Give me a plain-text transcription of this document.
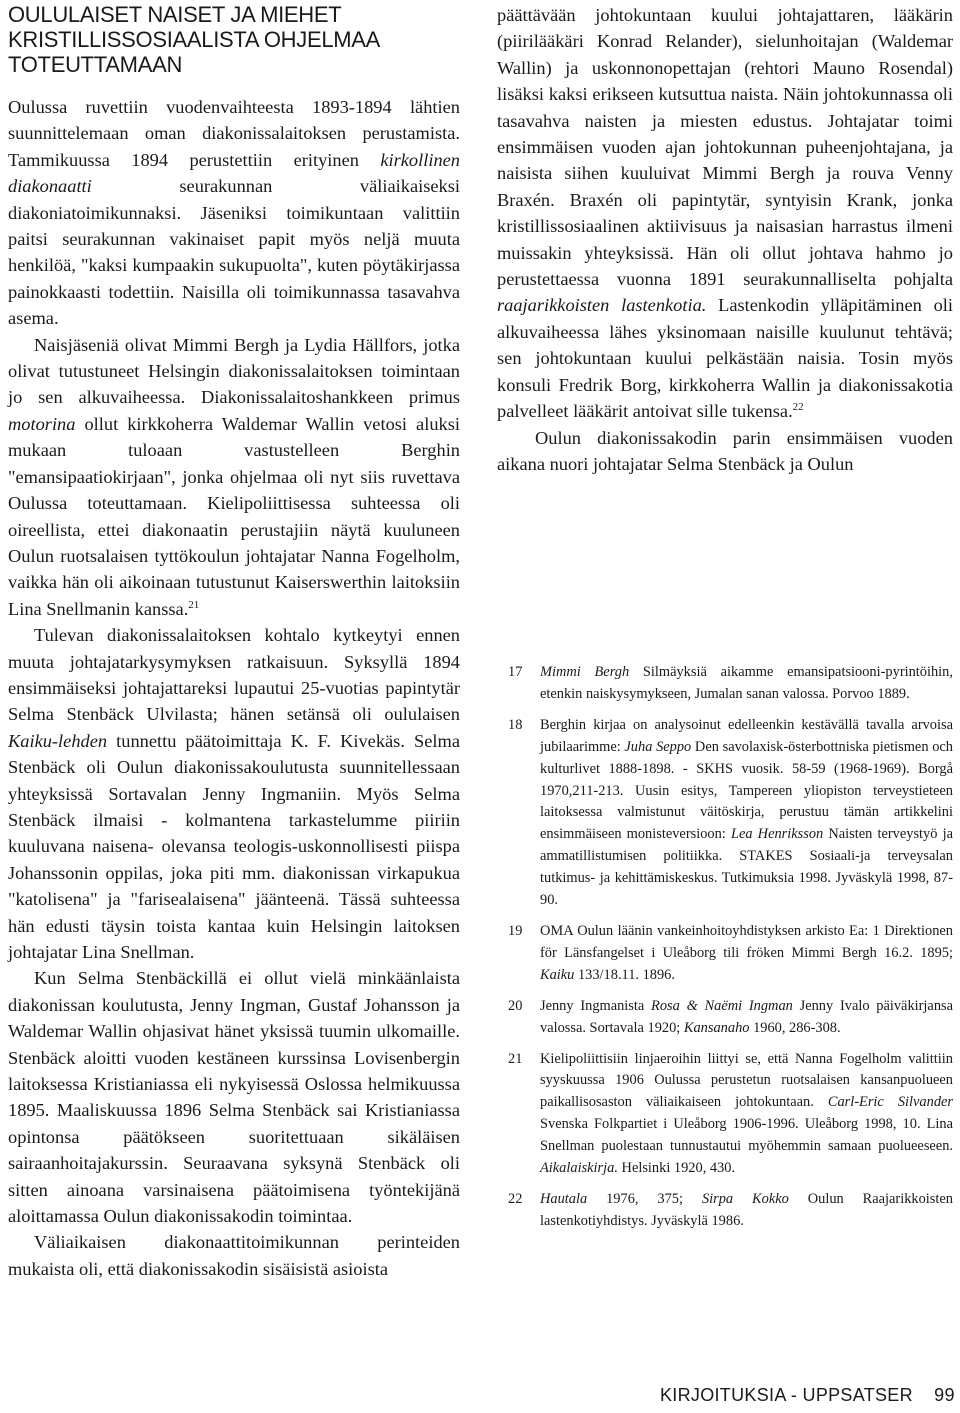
OULULAISET NAISET JA MIEHET
KRISTILLISSOSIAALISTA OHJELMAA
TOTEUTTAMAAN

Oulussa ruvettiin vuodenvaihteesta 1893-1894 lähtien suunnittelemaan oman diakonissalaitoksen perustamista. Tammikuussa 1894 perustettiin erityinen kirkollinen diakonaatti seurakunnan väliaikaiseksi diakoniatoimikunnaksi. Jäseniksi toimikuntaan valittiin paitsi seurakunnan vakinaiset papit myös neljä muuta henkilöä, "kaksi kumpaakin sukupuolta", kuten pöytäkirjassa painokkaasti todettiin. Naisilla oli toimikunnassa tasavahva asema.

Naisjäseniä olivat Mimmi Bergh ja Lydia Hällfors, jotka olivat tutustuneet Helsingin diakonissalaitoksen toimintaan jo sen alkuvaiheessa. Diakonissalaitoshankkeen primus motorina ollut kirkkoherra Waldemar Wallin vetosi aluksi mukaan tuloaan vastustelleen Berghin "emansipaatiokirjaan", jonka ohjelmaa oli nyt siis ruvettava Oulussa toteuttamaan. Kielipoliittisessa suhteessa oli oireellista, ettei diakonaatin perustajiin näytä kuuluneen Oulun ruotsalaisen tyttökoulun johtajatar Nanna Fogelholm, vaikka hän oli aikoinaan tutustunut Kaiserswerthin laitoksiin Lina Snellmanin kanssa.$^{21}$

Tulevan diakonissalaitoksen kohtalo kytkeytyi ennen muuta johtajatarkysymyksen ratkaisuun. Syksyllä 1894 ensimmäiseksi johtajattareksi lupautui 25-vuotias papintytär Selma Stenbäck Ulvilasta; hänen setänsä oli oululaisen Kaiku-lehden tunnettu päätoimittaja K. F. Kivekäs. Selma Stenbäck oli Oulun diakonissakoulutusta suunnitellessaan yhteyksissä Sortavalan Jenny Ingmaniin. Myös Selma Stenbäck ilmaisi - kolmantena tarkastelumme piiriin kuuluvana naisena- olevansa teologis-uskonnollisesti piispa Johanssonin oppilas, joka piti mm. diakonissan virkapukua "katolisena" ja "farisealaisena" jäänteenä. Tässä suhteessa hän edusti täysin toista kantaa kuin Helsingin laitoksen johtajatar Lina Snellman.

Kun Selma Stenbäckillä ei ollut vielä minkäänlaista diakonissan koulutusta, Jenny Ingman, Gustaf Johansson ja Waldemar Wallin ohjasivat hänet yksissä tuumin ulkomaille. Stenbäck aloitti vuoden kestäneen kurssinsa Lovisenbergin laitoksessa Kristianiassa eli nykyisessä Oslossa helmikuussa 1895. Maaliskuussa 1896 Selma Stenbäck sai Kristianiassa opintonsa päätökseen suoritettuaan sikäläisen sairaanhoitajakurssin. Seuraavana syksynä Stenbäck oli sitten ainoana varsinaisena päätoimisena työntekijänä aloittamassa Oulun diakonissakodin toimintaa.

Väliaikaisen diakonaattitoimikunnan perinteiden mukaista oli, että diakonissakodin sisäisistä asioista

päättävään johtokuntaan kuului johtajattaren, lääkärin (piirilääkäri Konrad Relander), sielunhoitajan (Waldemar Wallin) ja uskonnonopettajan (rehtori Mauno Rosendal) lisäksi kaksi erikseen kutsuttua naista. Näin johtokunnassa oli tasavahva naisten ja miesten edustus. Johtajatar toimi ensimmäisen vuoden ajan johtokunnan puheenjohtajana, ja naisista siihen kuuluivat Mimmi Bergh ja rouva Venny Braxén. Braxén oli papintytär, syntyisin Krank, jonka kristillissosiaalinen aktiivisuus ja naisasian harrastus ilmeni muissakin yhteyksissä. Hän oli ollut johtava hahmo jo perustettaessa vuonna 1891 seurakunnalliselta pohjalta raajarikkoisten lastenkotia. Lastenkodin ylläpitäminen oli alkuvaiheessa lähes yksinomaan naisille kuulunut tehtävä; sen johtokuntaan kuului pelkästään naisia. Tosin myös konsuli Fredrik Borg, kirkkoherra Wallin ja diakonissakotia palvelleet lääkärit antoivat sille tukensa.$^{22}$

Oulun diakonissakodin parin ensimmäisen vuoden aikana nuori johtajatar Selma Stenbäck ja Oulun

17 Mimmi Bergh Silmäyksiä aikamme emansipatsiooni-pyrintöihin, etenkin naiskysymykseen, Jumalan sanan valossa. Porvoo 1889.

18 Berghin kirjaa on analysoinut edelleenkin kestävällä tavalla arvoisa jubilaarimme: Juha Seppo Den savolaxisk-österbottniska pietismen och kulturlivet 1888-1898. - SKHS vuosik. 58-59 (1968-1969). Borgå 1970,211-213. Uusin esitys, Tampereen yliopiston terveystieteen laitoksessa valmistunut väitöskirja, perustuu tämän artikkelini ensimmäiseen monisteversioon: Lea Henriksson Naisten terveystyö ja ammatillistumisen politiikka. STAKES Sosiaali-ja terveysalan tutkimus- ja kehittämiskeskus. Tutkimuksia 1998. Jyväskylä 1998, 87-90.

19 OMA Oulun läänin vankeinhoitoyhdistyksen arkisto Ea: 1 Direktionen för Länsfangelset i Uleåborg tili fröken Mimmi Bergh 16.2. 1895; Kaiku 133/18.11. 1896.

20 Jenny Ingmanista Rosa & Naëmi Ingman Jenny Ivalo päiväkirjansa valossa. Sortavala 1920; Kansanaho 1960, 286-308.

21 Kielipoliittisiin linjaeroihin liittyi se, että Nanna Fogelholm valittiin syyskuussa 1906 Oulussa perustetun ruotsalaisen kansanpuolueen paikallisosaston väliaikaiseen johtokuntaan. Carl-Eric Silvander Svenska Folkpartiet i Uleåborg 1906-1996. Uleåborg 1998, 10. Lina Snellman puolestaan tunnustautui myöhemmin samaan puolueeseen. Aikalaiskirja. Helsinki 1920, 430.

22 Hautala 1976, 375; Sirpa Kokko Oulun Raajarikkoisten lastenkotiyhdistys. Jyväskylä 1986.

KIRJOITUKSIA - UPPSATSER 99
